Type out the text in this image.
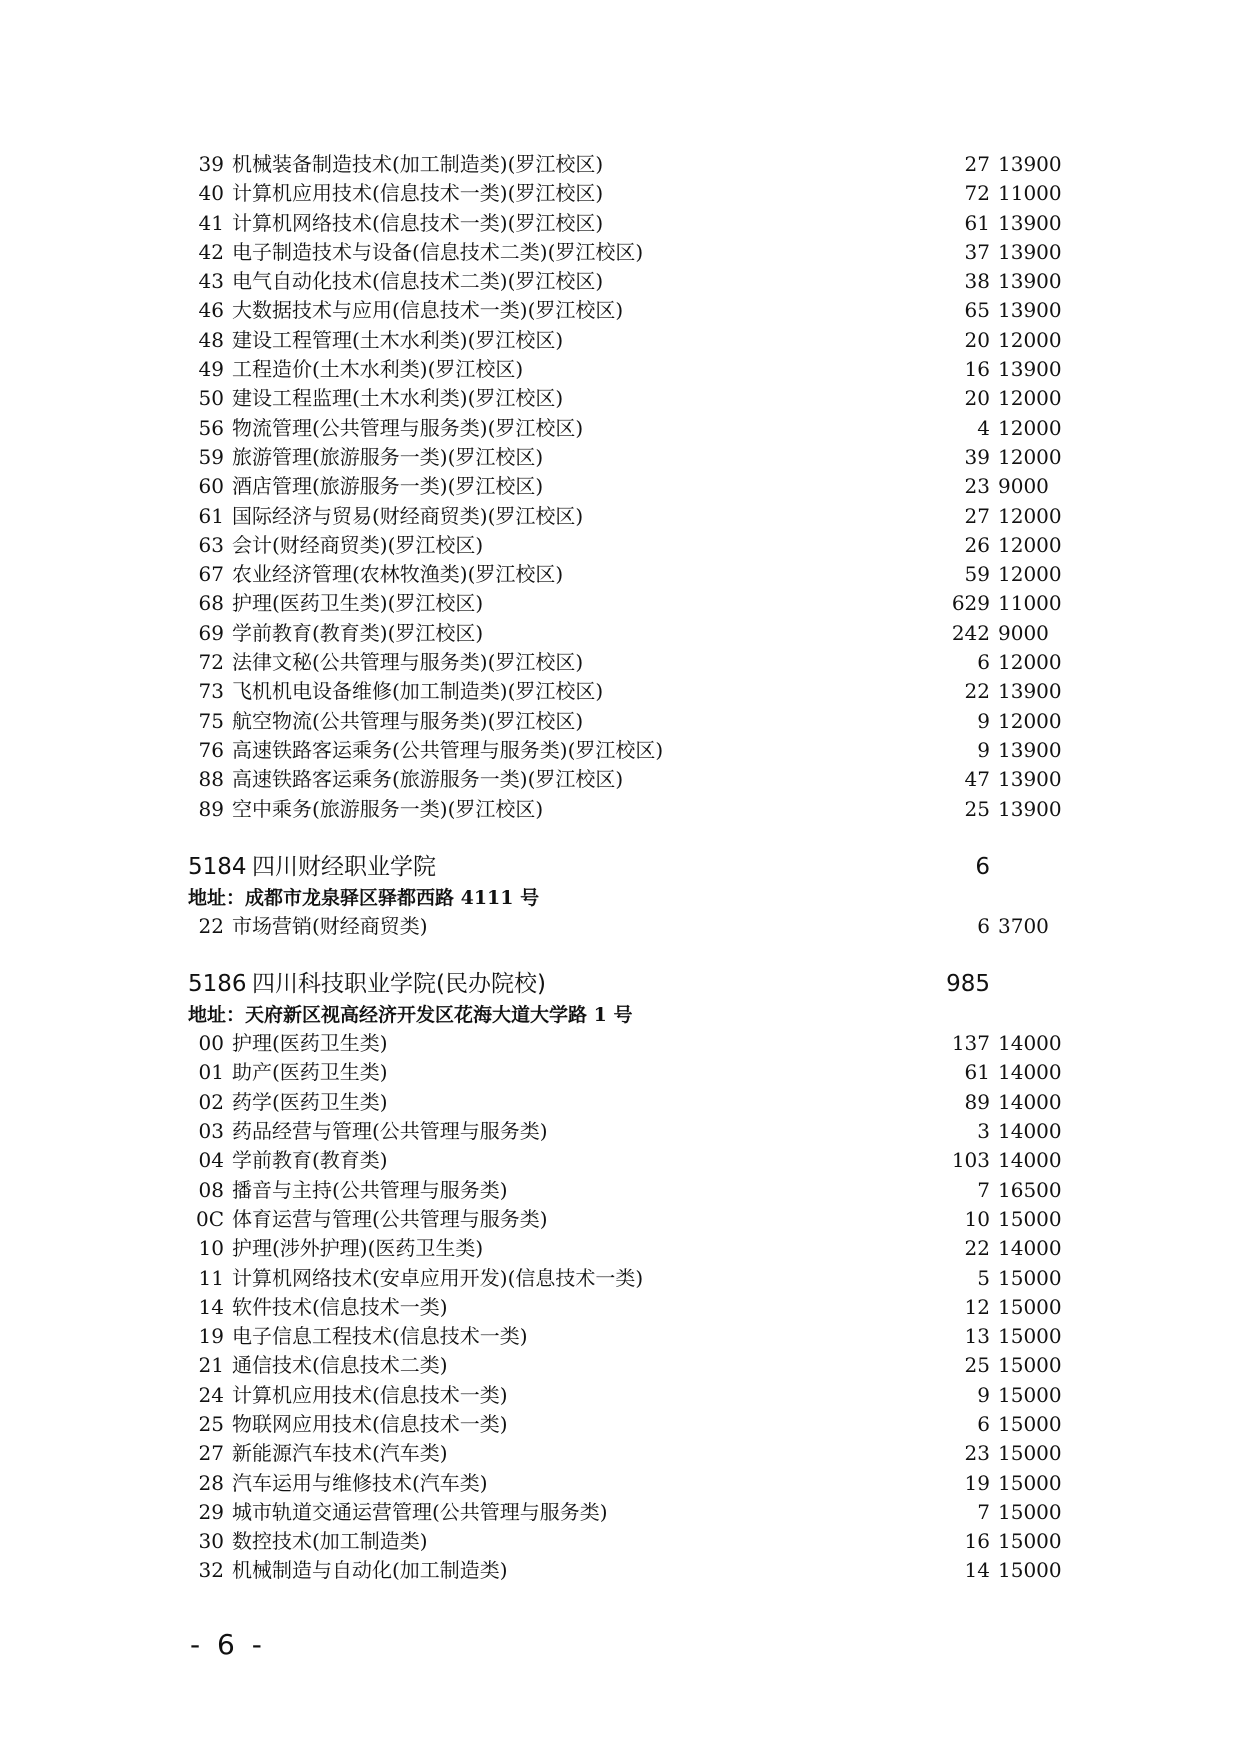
39 机械装备制造技术(加工制造类)(罗江校区)	27 13900
40 计算机应用技术(信息技术一类)(罗江校区)	72 11000
41 计算机网络技术(信息技术一类)(罗江校区)	61 13900
42 电子制造技术与设备(信息技术二类)(罗江校区)	37 13900
43 电气自动化技术(信息技术二类)(罗江校区)	38 13900
46 大数据技术与应用(信息技术一类)(罗江校区)	65 13900
48 建设工程管理(土木水利类)(罗江校区)	20 12000
49 工程造价(土木水利类)(罗江校区)	16 13900
50 建设工程监理(土木水利类)(罗江校区)	20 12000
56 物流管理(公共管理与服务类)(罗江校区)	4 12000
59 旅游管理(旅游服务一类)(罗江校区)	39 12000
60 酒店管理(旅游服务一类)(罗江校区)	23 9000
61 国际经济与贸易(财经商贸类)(罗江校区)	27 12000
63 会计(财经商贸类)(罗江校区)	26 12000
67 农业经济管理(农林牧渔类)(罗江校区)	59 12000
68 护理(医药卫生类)(罗江校区)	629 11000
69 学前教育(教育类)(罗江校区)	242 9000
72 法律文秘(公共管理与服务类)(罗江校区)	6 12000
73 飞机机电设备维修(加工制造类)(罗江校区)	22 13900
75 航空物流(公共管理与服务类)(罗江校区)	9 12000
76 高速铁路客运乘务(公共管理与服务类)(罗江校区)	9 13900
88 高速铁路客运乘务(旅游服务一类)(罗江校区)	47 13900
89 空中乘务(旅游服务一类)(罗江校区)	25 13900
5184 四川财经职业学院	6
地址：成都市龙泉驿区驿都西路 4111 号
22 市场营销(财经商贸类)	6 3700
5186 四川科技职业学院(民办院校)	985
地址：天府新区视高经济开发区花海大道大学路 1 号
00 护理(医药卫生类)	137 14000
01 助产(医药卫生类)	61 14000
02 药学(医药卫生类)	89 14000
03 药品经营与管理(公共管理与服务类)	3 14000
04 学前教育(教育类)	103 14000
08 播音与主持(公共管理与服务类)	7 16500
0C 体育运营与管理(公共管理与服务类)	10 15000
10 护理(涉外护理)(医药卫生类)	22 14000
11 计算机网络技术(安卓应用开发)(信息技术一类)	5 15000
14 软件技术(信息技术一类)	12 15000
19 电子信息工程技术(信息技术一类)	13 15000
21 通信技术(信息技术二类)	25 15000
24 计算机应用技术(信息技术一类)	9 15000
25 物联网应用技术(信息技术一类)	6 15000
27 新能源汽车技术(汽车类)	23 15000
28 汽车运用与维修技术(汽车类)	19 15000
29 城市轨道交通运营管理(公共管理与服务类)	7 15000
30 数控技术(加工制造类)	16 15000
32 机械制造与自动化(加工制造类)	14 15000
- 6 -
